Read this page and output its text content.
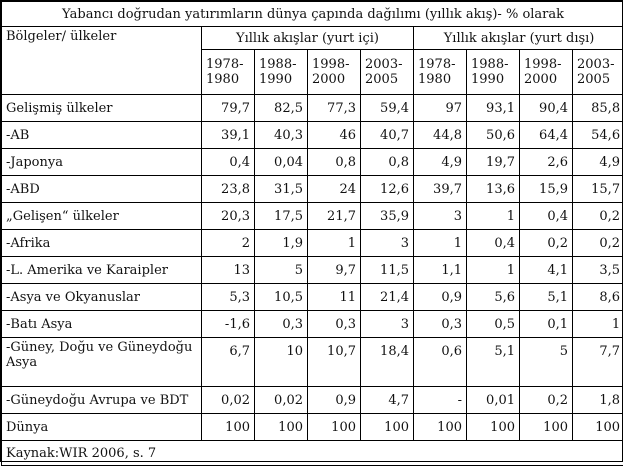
Yabancı doğrudan yatırımların dünya çapında dağılımı (yıllık akış)- % olarak								
Bölgeler/ ülkeler	Yıllık akışlar (yurt içi)				Yıllık akışlar (yurt dışı)			
	1978-1980	1988-1990	1998-2000	2003-2005	1978-1980	1988-1990	1998-2000	2003-2005
Gelişmiş ülkeler	79,7	82,5	77,3	59,4	97	93,1	90,4	85,8
-AB	39,1	40,3	46	40,7	44,8	50,6	64,4	54,6
-Japonya	0,4	0,04	0,8	0,8	4,9	19,7	2,6	4,9
-ABD	23,8	31,5	24	12,6	39,7	13,6	15,9	15,7
„Gelişen“ ülkeler	20,3	17,5	21,7	35,9	3	1	0,4	0,2
-Afrika	2	1,9	1	3	1	0,4	0,2	0,2
-L. Amerika ve Karaipler	13	5	9,7	11,5	1,1	1	4,1	3,5
-Asya ve Okyanuslar	5,3	10,5	11	21,4	0,9	5,6	5,1	8,6
-Batı Asya	-1,6	0,3	0,3	3	0,3	0,5	0,1	1
-Güney, Doğu ve Güneydoğu Asya	6,7	10	10,7	18,4	0,6	5,1	5	7,7
-Güneydoğu Avrupa ve BDT	0,02	0,02	0,9	4,7	-	0,01	0,2	1,8
Dünya	100	100	100	100	100	100	100	100
Kaynak:WIR 2006, s. 7								
